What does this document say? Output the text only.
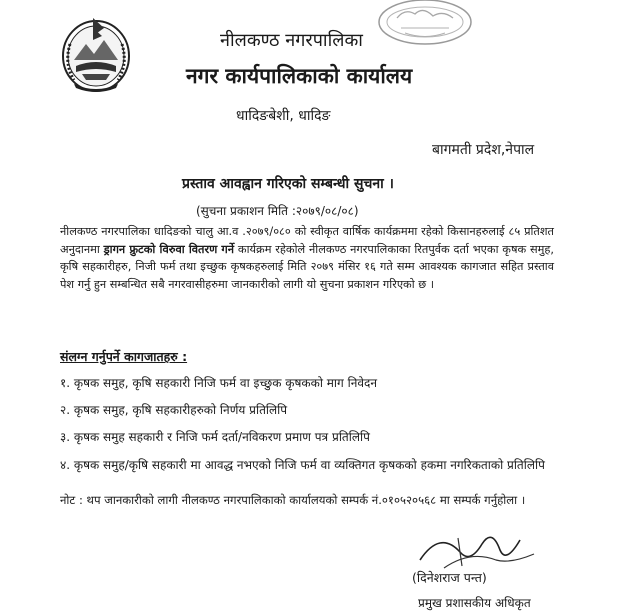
नीलकण्ठ नगरपालिका
नगर कार्यपालिकाको कार्यालय
धादिङबेशी, धादिङ
बागमती प्रदेश,नेपाल
प्रस्ताव आवह्वान गरिएको सम्बन्धी सुचना ।
(सुचना प्रकाशन मिति :२०७९/०८/०८)
नीलकण्ठ नगरपालिका धादिङको चालु आ.व .२०७९/०८० को स्वीकृत वार्षिक कार्यक्रममा रहेको किसानहरुलाई ८५ प्रतिशत अनुदानमा ड्रागन फ्रुटको विरुवा वितरण गर्ने कार्यक्रम रहेकोले नीलकण्ठ नगरपालिकाका रितपुर्वक दर्ता भएका कृषक समुह, कृषि सहकारीहरु, निजी फर्म तथा इच्छुक कृषकहरुलाई मिति २०७९ मंसिर १६ गते सम्म आवश्यक कागजात सहित प्रस्ताव पेश गर्नु हुन सम्बन्धित सबै नगरवासीहरुमा जानकारीको लागी यो सुचना प्रकाशन गरिएको छ ।
संलग्न गर्नुपर्ने कागजातहरु :
१. कृषक समुह, कृषि सहकारी निजि फर्म वा इच्छुक कृषकको माग निवेदन
२. कृषक समुह, कृषि सहकारीहरुको निर्णय प्रतिलिपि
३. कृषक समुह सहकारी र निजि फर्म दर्ता/नविकरण प्रमाण पत्र प्रतिलिपि
४. कृषक समुह/कृषि सहकारी मा आवद्ध नभएको निजि फर्म वा व्यक्तिगत कृषकको हकमा नगरिकताको प्रतिलिपि
नोट : थप जानकारीको लागी नीलकण्ठ नगरपालिकाको कार्यालयको सम्पर्क नं.०१०५२०५६८ मा सम्पर्क गर्नुहोला ।
(दिनेशराज पन्त)
प्रमुख प्रशासकीय अधिकृत
